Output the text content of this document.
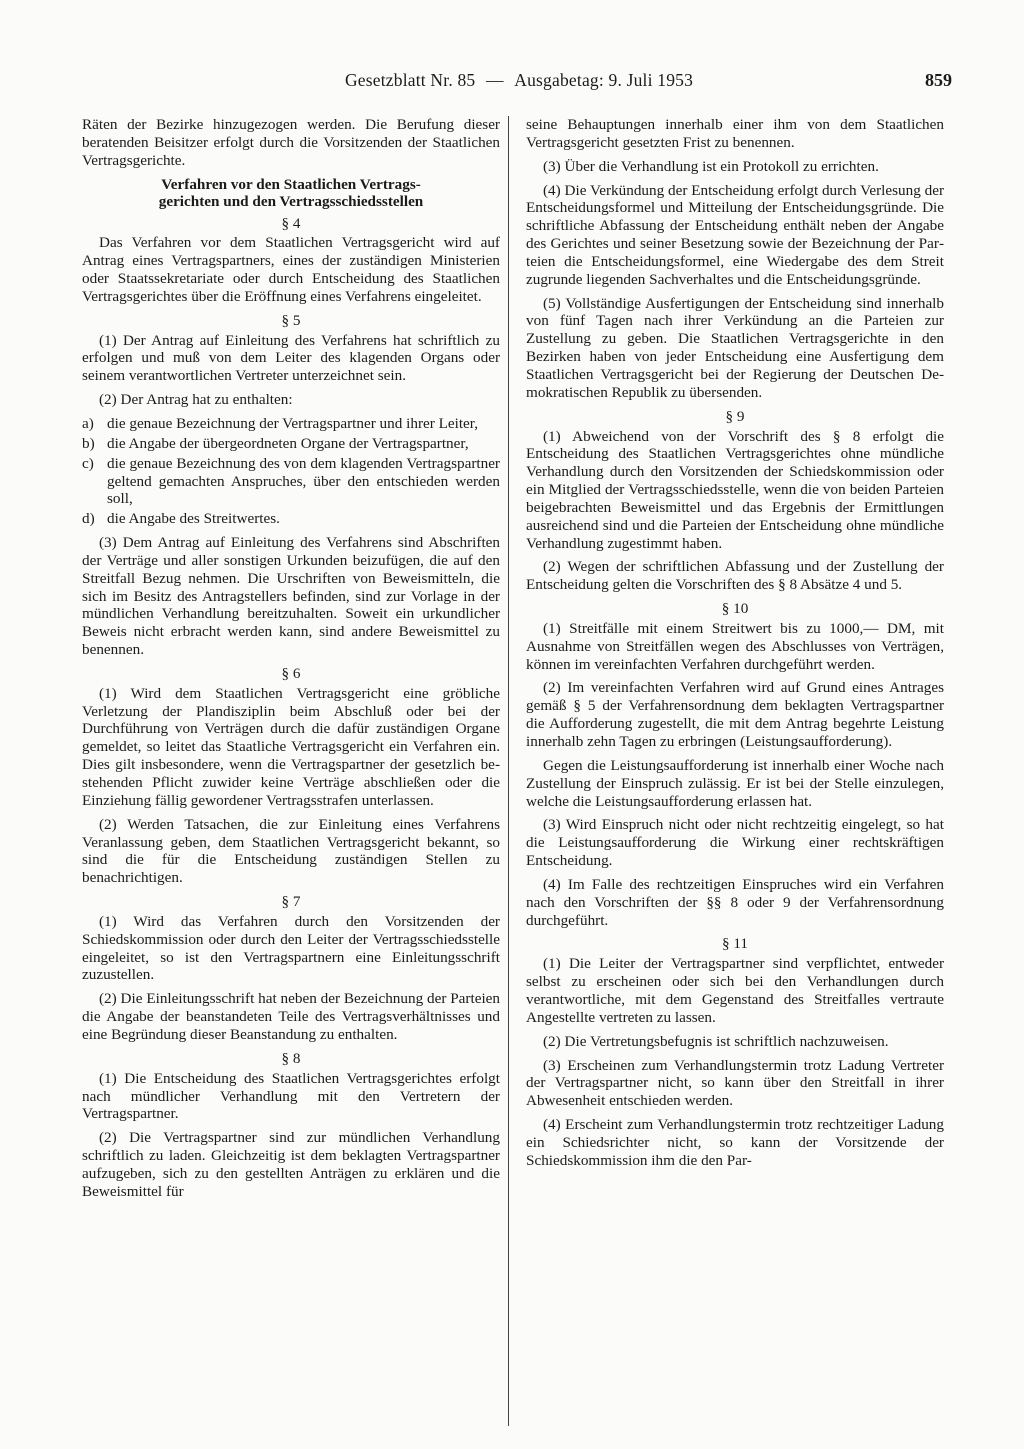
Gesetzblatt Nr. 85 — Ausgabetag: 9. Juli 1953	859

Räten der Bezirke hinzugezogen werden. Die Berufung dieser beratenden Beisitzer erfolgt durch die Vorsitzenden der Staatlichen Vertragsgerichte.

Verfahren vor den Staatlichen Vertrags-
gerichten und den Vertragsschiedsstellen
§ 4

Das Verfahren vor dem Staatlichen Vertragsgericht wird auf Antrag eines Vertragspartners, eines der zuständigen Ministerien oder Staatssekretariate oder durch Entscheidung des Staatlichen Vertragsgerichtes über die Eröffnung eines Verfahrens eingeleitet.

§ 5

(1) Der Antrag auf Einleitung des Verfahrens hat schriftlich zu erfolgen und muß von dem Leiter des klagenden Organs oder seinem verantwortlichen Vertreter unterzeichnet sein.

(2) Der Antrag hat zu enthalten:

a) die genaue Bezeichnung der Vertragspartner und ihrer Leiter,
b) die Angabe der übergeordneten Organe der Vertragspartner,
c) die genaue Bezeichnung des von dem klagenden Vertragspartner geltend gemachten Anspruches, über den entschieden werden soll,
d) die Angabe des Streitwertes.

(3) Dem Antrag auf Einleitung des Verfahrens sind Abschriften der Verträge und aller sonstigen Urkunden beizufügen, die auf den Streitfall Bezug nehmen. Die Urschriften von Beweismitteln, die sich im Besitz des Antragstellers befinden, sind zur Vorlage in der mündlichen Verhandlung bereitzuhalten. Soweit ein urkundlicher Beweis nicht erbracht werden kann, sind andere Beweismittel zu benennen.

§ 6

(1) Wird dem Staatlichen Vertragsgericht eine gröbliche Verletzung der Plandisziplin beim Abschluß oder bei der Durchführung von Verträgen durch die dafür zuständigen Organe gemeldet, so leitet das Staatliche Vertragsgericht ein Verfahren ein. Dies gilt insbesondere, wenn die Vertragspartner der gesetzlich bestehenden Pflicht zuwider keine Verträge abschließen oder die Einziehung fällig gewordener Vertragsstrafen unterlassen.

(2) Werden Tatsachen, die zur Einleitung eines Verfahrens Veranlassung geben, dem Staatlichen Vertragsgericht bekannt, so sind die für die Entscheidung zuständigen Stellen zu benachrichtigen.

§ 7

(1) Wird das Verfahren durch den Vorsitzenden der Schiedskommission oder durch den Leiter der Vertragsschiedsstelle eingeleitet, so ist den Vertragspartnern eine Einleitungsschrift zuzustellen.

(2) Die Einleitungsschrift hat neben der Bezeichnung der Parteien die Angabe der beanstandeten Teile des Vertragsverhältnisses und eine Begründung dieser Beanstandung zu enthalten.

§ 8

(1) Die Entscheidung des Staatlichen Vertragsgerichtes erfolgt nach mündlicher Verhandlung mit den Vertretern der Vertragspartner.

(2) Die Vertragspartner sind zur mündlichen Verhandlung schriftlich zu laden. Gleichzeitig ist dem beklagten Vertragspartner aufzugeben, sich zu den gestellten Anträgen zu erklären und die Beweismittel für

seine Behauptungen innerhalb einer ihm von dem Staatlichen Vertragsgericht gesetzten Frist zu benennen.

(3) Über die Verhandlung ist ein Protokoll zu errichten.

(4) Die Verkündung der Entscheidung erfolgt durch Verlesung der Entscheidungsformel und Mitteilung der Entscheidungsgründe. Die schriftliche Abfassung der Entscheidung enthält neben der Angabe des Gerichtes und seiner Besetzung sowie der Bezeichnung der Parteien die Entscheidungsformel, eine Wiedergabe des dem Streit zugrunde liegenden Sachverhaltes und die Entscheidungsgründe.

(5) Vollständige Ausfertigungen der Entscheidung sind innerhalb von fünf Tagen nach ihrer Verkündung an die Parteien zur Zustellung zu geben. Die Staatlichen Vertragsgerichte in den Bezirken haben von jeder Entscheidung eine Ausfertigung dem Staatlichen Vertragsgericht bei der Regierung der Deutschen Demokratischen Republik zu übersenden.

§ 9

(1) Abweichend von der Vorschrift des § 8 erfolgt die Entscheidung des Staatlichen Vertragsgerichtes ohne mündliche Verhandlung durch den Vorsitzenden der Schiedskommission oder ein Mitglied der Vertragsschiedsstelle, wenn die von beiden Parteien beigebrachten Beweismittel und das Ergebnis der Ermittlungen ausreichend sind und die Parteien der Entscheidung ohne mündliche Verhandlung zugestimmt haben.

(2) Wegen der schriftlichen Abfassung und der Zustellung der Entscheidung gelten die Vorschriften des § 8 Absätze 4 und 5.

§ 10

(1) Streitfälle mit einem Streitwert bis zu 1000,— DM, mit Ausnahme von Streitfällen wegen des Abschlusses von Verträgen, können im vereinfachten Verfahren durchgeführt werden.

(2) Im vereinfachten Verfahren wird auf Grund eines Antrages gemäß § 5 der Verfahrensordnung dem beklagten Vertragspartner die Aufforderung zugestellt, die mit dem Antrag begehrte Leistung innerhalb zehn Tagen zu erbringen (Leistungsaufforderung).

Gegen die Leistungsaufforderung ist innerhalb einer Woche nach Zustellung der Einspruch zulässig. Er ist bei der Stelle einzulegen, welche die Leistungsaufforderung erlassen hat.

(3) Wird Einspruch nicht oder nicht rechtzeitig eingelegt, so hat die Leistungsaufforderung die Wirkung einer rechtskräftigen Entscheidung.

(4) Im Falle des rechtzeitigen Einspruches wird ein Verfahren nach den Vorschriften der §§ 8 oder 9 der Verfahrensordnung durchgeführt.

§ 11

(1) Die Leiter der Vertragspartner sind verpflichtet, entweder selbst zu erscheinen oder sich bei den Verhandlungen durch verantwortliche, mit dem Gegenstand des Streitfalles vertraute Angestellte vertreten zu lassen.

(2) Die Vertretungsbefugnis ist schriftlich nachzuweisen.

(3) Erscheinen zum Verhandlungstermin trotz Ladung Vertreter der Vertragspartner nicht, so kann über den Streitfall in ihrer Abwesenheit entschieden werden.

(4) Erscheint zum Verhandlungstermin trotz rechtzeitiger Ladung ein Schiedsrichter nicht, so kann der Vorsitzende der Schiedskommission ihm die den Par-
